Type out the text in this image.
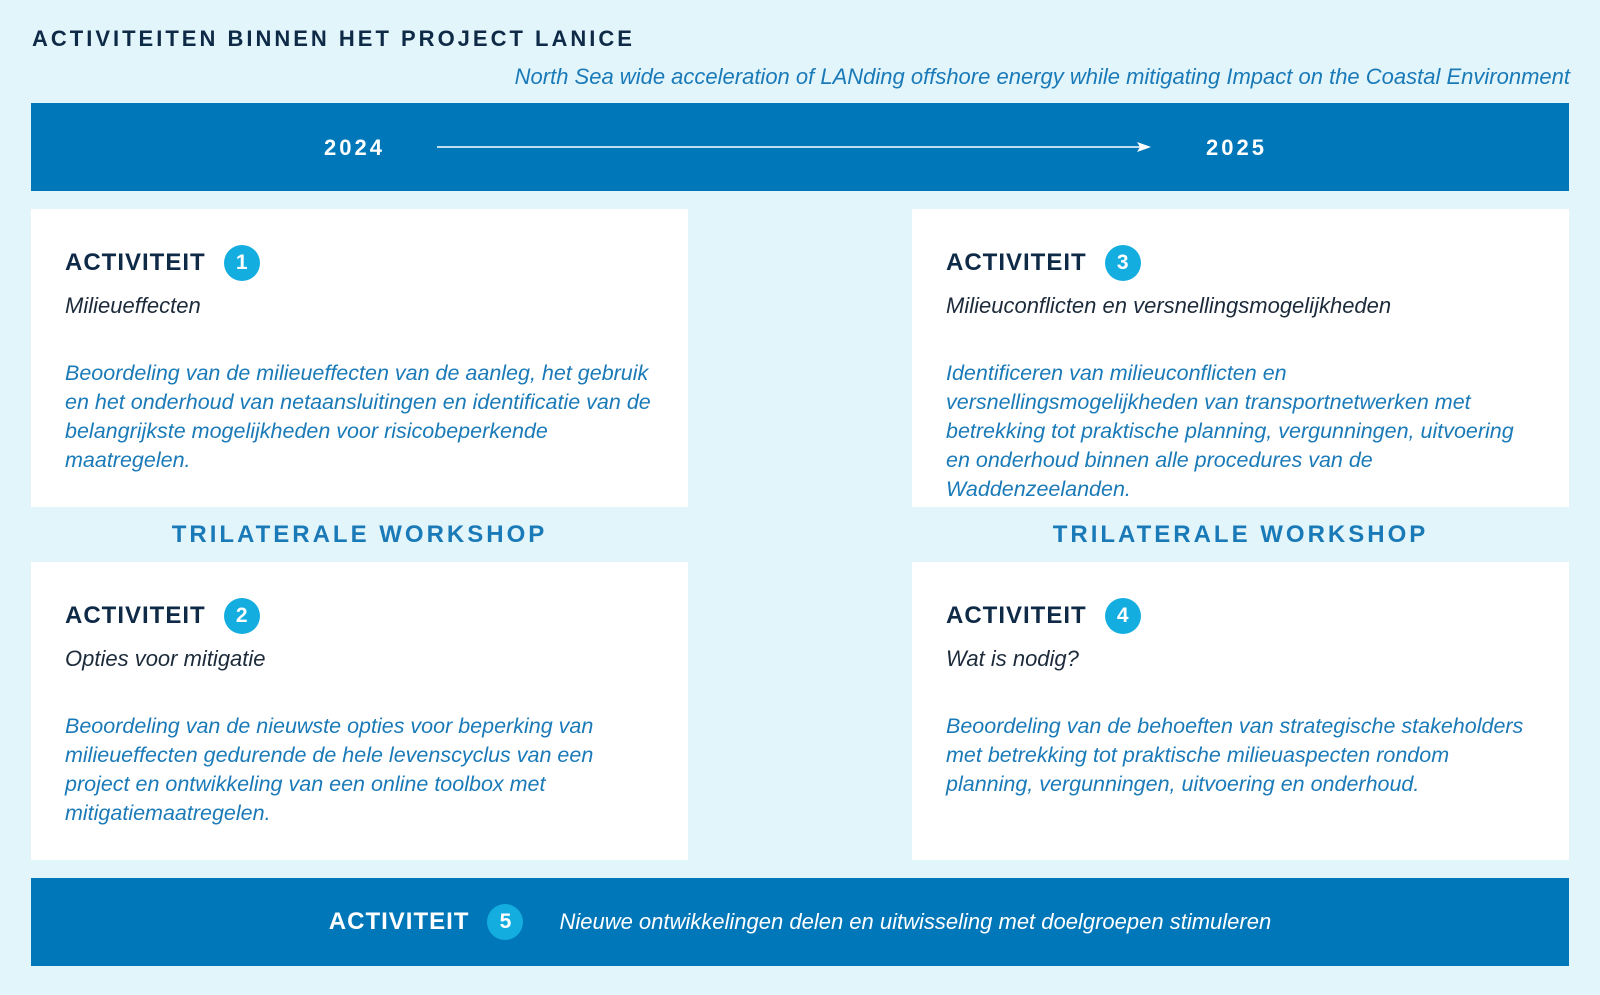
ACTIVITEITEN BINNEN HET PROJECT LANICE
North Sea wide acceleration of LANding offshore energy while mitigating Impact on the Coastal Environment
2024	2025
ACTIVITEIT	1
Milieueffecten
Beoordeling van de milieueffecten van de aanleg, het gebruik en het onderhoud van netaansluitingen en identificatie van de belangrijkste mogelijkheden voor risicobeperkende maatregelen.
ACTIVITEIT	3
Milieuconflicten en versnellingsmogelijkheden
Identificeren van milieuconflicten en versnellingsmogelijkheden van transportnetwerken met betrekking tot praktische planning, vergunningen, uitvoering en onderhoud binnen alle procedures van de Waddenzeelanden.
TRILATERALE WORKSHOP	TRILATERALE WORKSHOP
ACTIVITEIT	2
Opties voor mitigatie
Beoordeling van de nieuwste opties voor beperking van milieueffecten gedurende de hele levenscyclus van een project en ontwikkeling van een online toolbox met mitigatiemaatregelen.
ACTIVITEIT	4
Wat is nodig?
Beoordeling van de behoeften van strategische stakeholders met betrekking tot praktische milieuaspecten rondom planning, vergunningen, uitvoering en onderhoud.
ACTIVITEIT	5	Nieuwe ontwikkelingen delen en uitwisseling met doelgroepen stimuleren
